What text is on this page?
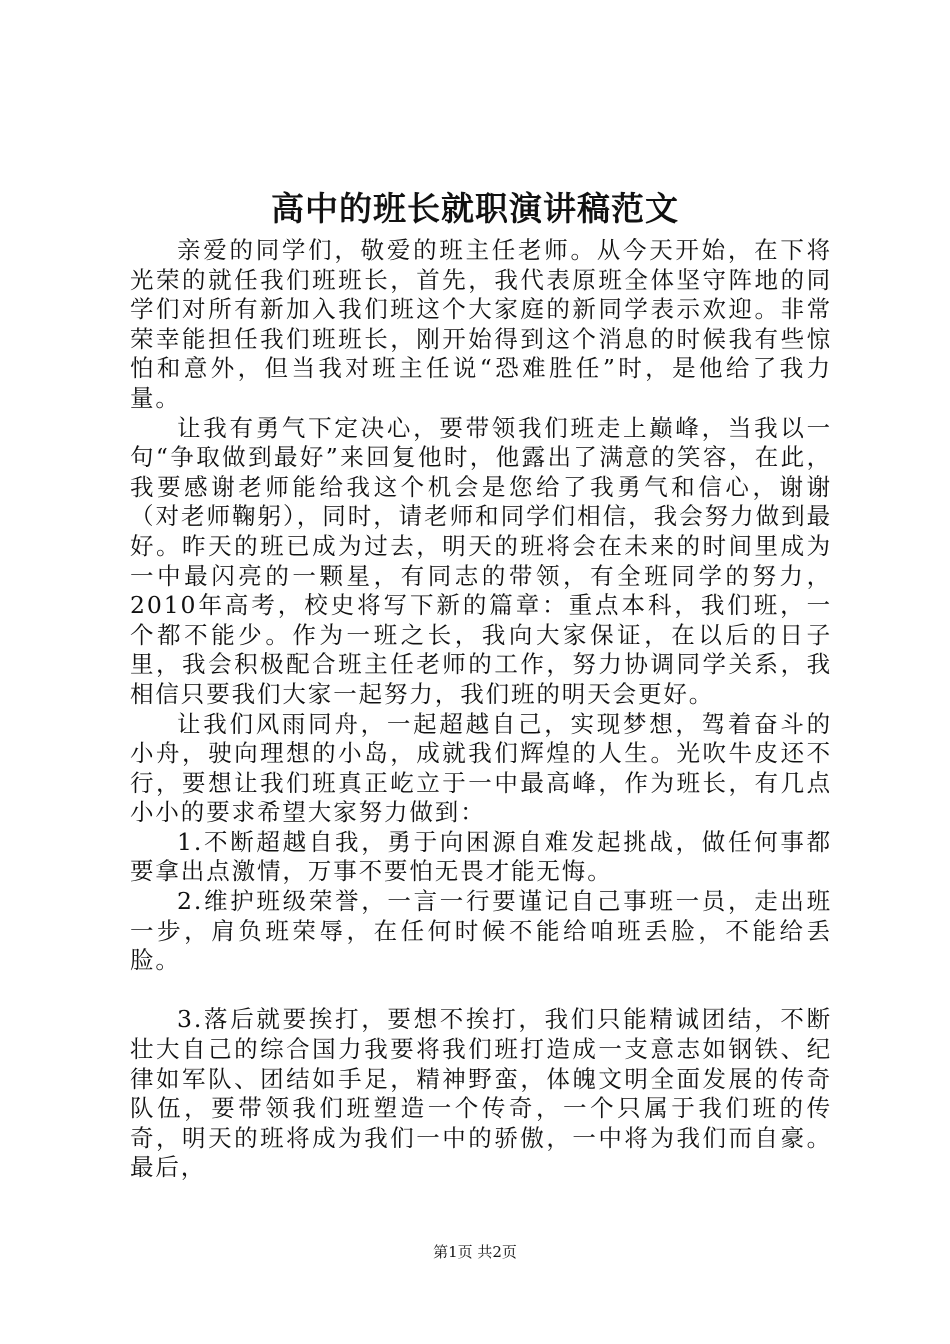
高中的班长就职演讲稿范文

亲爱的同学们，敬爱的班主任老师。从今天开始，在下将光荣的就任我们班班长，首先，我代表原班全体坚守阵地的同学们对所有新加入我们班这个大家庭的新同学表示欢迎。非常荣幸能担任我们班班长，刚开始得到这个消息的时候我有些惊怕和意外，但当我对班主任说“恐难胜任”时，是他给了我力量。

让我有勇气下定决心，要带领我们班走上巅峰，当我以一句“争取做到最好”来回复他时，他露出了满意的笑容，在此，我要感谢老师能给我这个机会是您给了我勇气和信心，谢谢（对老师鞠躬），同时，请老师和同学们相信，我会努力做到最好。昨天的班已成为过去，明天的班将会在未来的时间里成为一中最闪亮的一颗星，有同志的带领，有全班同学的努力，2010年高考，校史将写下新的篇章：重点本科，我们班，一个都不能少。作为一班之长，我向大家保证，在以后的日子里，我会积极配合班主任老师的工作，努力协调同学关系，我相信只要我们大家一起努力，我们班的明天会更好。

让我们风雨同舟，一起超越自己，实现梦想，驾着奋斗的小舟，驶向理想的小岛，成就我们辉煌的人生。光吹牛皮还不行，要想让我们班真正屹立于一中最高峰，作为班长，有几点小小的要求希望大家努力做到：

1.不断超越自我，勇于向困源自难发起挑战，做任何事都要拿出点激情，万事不要怕无畏才能无悔。

2.维护班级荣誉，一言一行要谨记自己事班一员，走出班一步，肩负班荣辱，在任何时候不能给咱班丢脸，不能给丢脸。

3.落后就要挨打，要想不挨打，我们只能精诚团结，不断壮大自己的综合国力我要将我们班打造成一支意志如钢铁、纪律如军队、团结如手足，精神野蛮，体魄文明全面发展的传奇队伍，要带领我们班塑造一个传奇，一个只属于我们班的传奇，明天的班将成为我们一中的骄傲，一中将为我们而自豪。最后，

第1页 共2页
